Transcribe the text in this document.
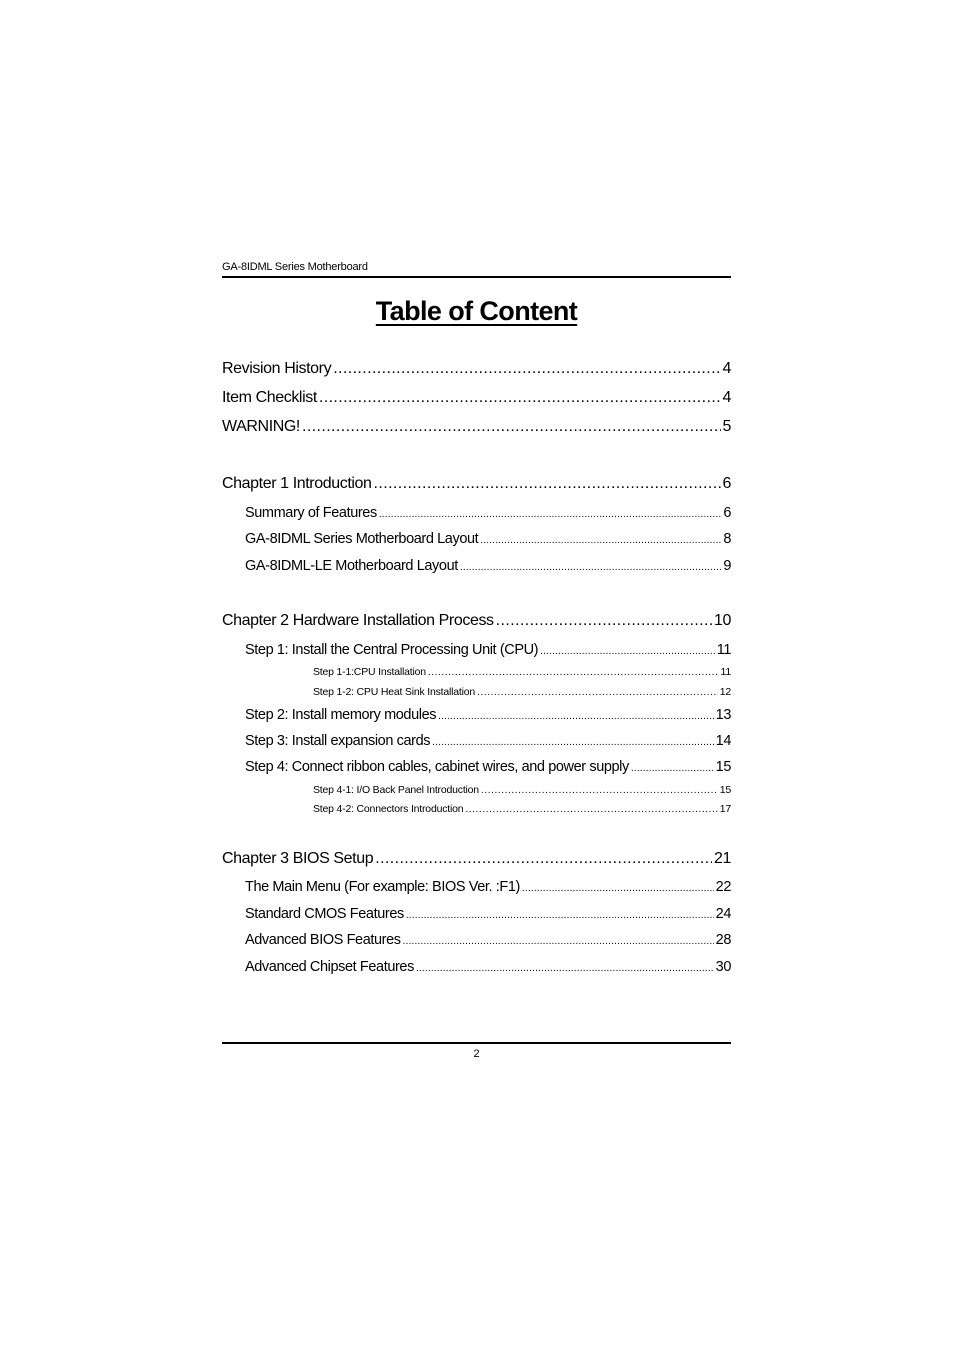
GA-8IDML Series Motherboard
Table of Content
Revision History .....	4
Item Checklist .....	4
WARNING! .....	5
Chapter 1 Introduction .....	6
Summary of Features .....	6
GA-8IDML Series Motherboard Layout .....	8
GA-8IDML-LE Motherboard Layout .....	9
Chapter 2 Hardware Installation Process .....	10
Step 1: Install the Central Processing Unit (CPU) .....	11
Step 1-1:CPU Installation .....	11
Step 1-2: CPU Heat Sink Installation .....	12
Step 2: Install memory modules .....	13
Step 3: Install expansion cards .....	14
Step 4: Connect ribbon cables, cabinet wires, and power supply .....	15
Step 4-1: I/O Back Panel Introduction .....	15
Step 4-2: Connectors Introduction .....	17
Chapter 3 BIOS Setup .....	21
The Main Menu (For example: BIOS Ver. :F1) .....	22
Standard CMOS Features .....	24
Advanced BIOS Features .....	28
Advanced Chipset Features .....	30
2
